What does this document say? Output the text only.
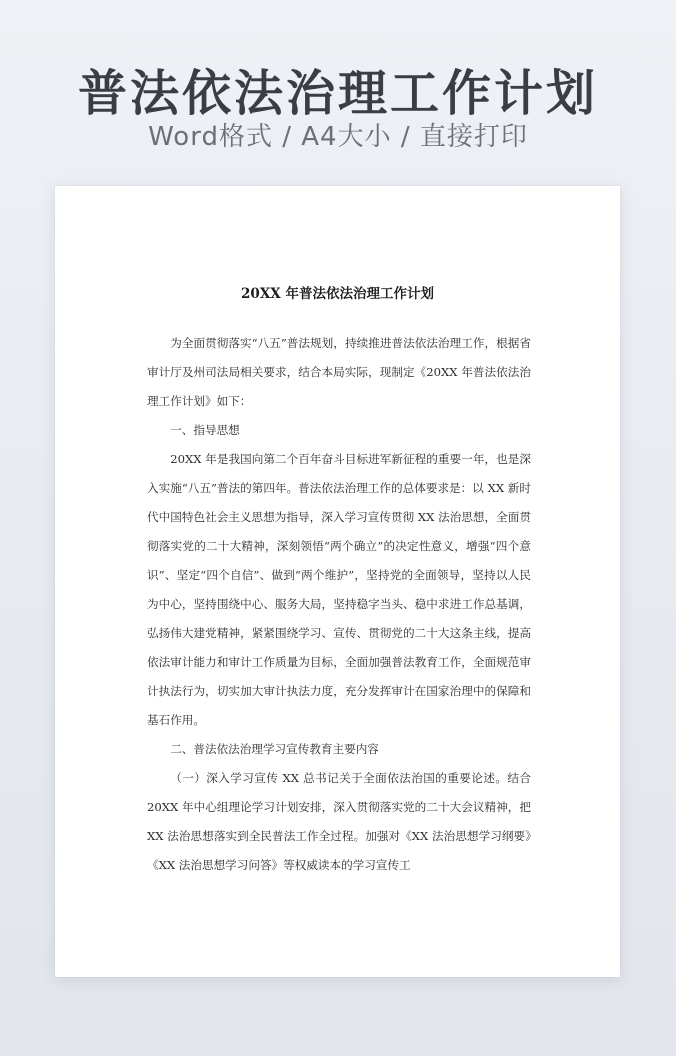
普法依法治理工作计划
Word格式 / A4大小 / 直接打印
20XX 年普法依法治理工作计划

为全面贯彻落实“八五”普法规划，持续推进普法依法治理工作，根据省审计厅及州司法局相关要求，结合本局实际，现制定《20XX 年普法依法治理工作计划》如下：

一、指导思想

20XX 年是我国向第二个百年奋斗目标进军新征程的重要一年，也是深入实施“八五”普法的第四年。普法依法治理工作的总体要求是：以 XX 新时代中国特色社会主义思想为指导，深入学习宣传贯彻 XX 法治思想，全面贯彻落实党的二十大精神，深刻领悟“两个确立”的决定性意义，增强“四个意识”、坚定“四个自信”、做到“两个维护”，坚持党的全面领导，坚持以人民为中心，坚持围绕中心、服务大局，坚持稳字当头、稳中求进工作总基调，弘扬伟大建党精神，紧紧围绕学习、宣传、贯彻党的二十大这条主线，提高依法审计能力和审计工作质量为目标，全面加强普法教育工作，全面规范审计执法行为，切实加大审计执法力度，充分发挥审计在国家治理中的保障和基石作用。

二、普法依法治理学习宣传教育主要内容

（一）深入学习宣传 XX 总书记关于全面依法治国的重要论述。结合 20XX 年中心组理论学习计划安排，深入贯彻落实党的二十大会议精神，把 XX 法治思想落实到全民普法工作全过程。加强对《XX 法治思想学习纲要》《XX 法治思想学习问答》等权威读本的学习宣传工
